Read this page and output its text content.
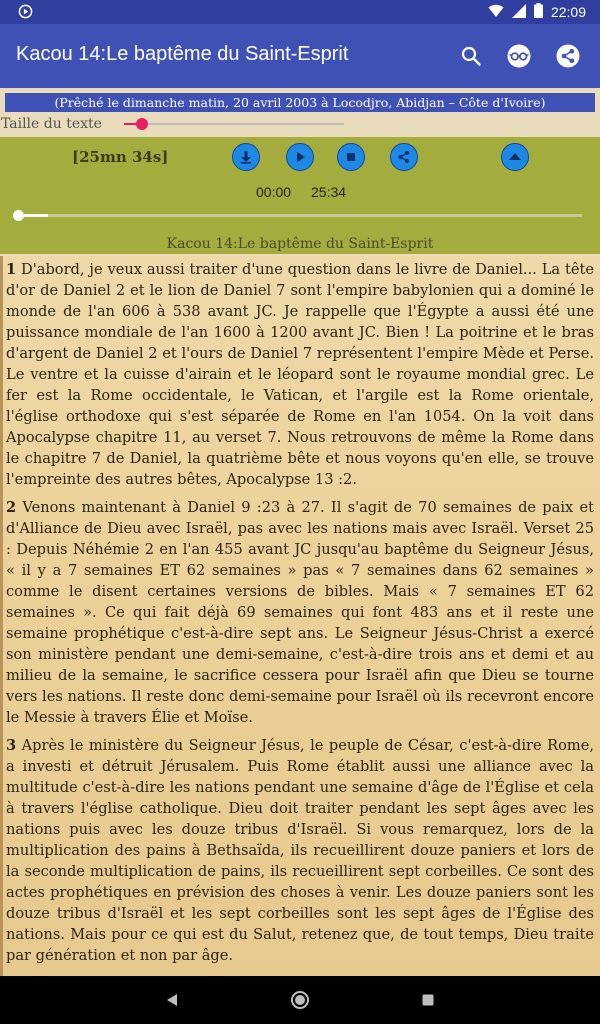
22:09
Kacou 14:Le baptême du Saint-Esprit
(Prêché le dimanche matin, 20 avril 2003 à Locodjro, Abidjan – Côte d'Ivoire)
Taille du texte
[25mn 34s]
00:00 25:34
Kacou 14:Le baptême du Saint-Esprit

1 D'abord, je veux aussi traiter d'une question dans le livre de Daniel... La tête d'or de Daniel 2 et le lion de Daniel 7 sont l'empire babylonien qui a dominé le monde de l'an 606 à 538 avant JC. Je rappelle que l'Égypte a aussi été une puissance mondiale de l'an 1600 à 1200 avant JC. Bien ! La poitrine et le bras d'argent de Daniel 2 et l'ours de Daniel 7 représentent l'empire Mède et Perse. Le ventre et la cuisse d'airain et le léopard sont le royaume mondial grec. Le fer est la Rome occidentale, le Vatican, et l'argile est la Rome orientale, l'église orthodoxe qui s'est séparée de Rome en l'an 1054. On la voit dans Apocalypse chapitre 11, au verset 7. Nous retrouvons de même la Rome dans le chapitre 7 de Daniel, la quatrième bête et nous voyons qu'en elle, se trouve l'empreinte des autres bêtes, Apocalypse 13 :2.

2 Venons maintenant à Daniel 9 :23 à 27. Il s'agit de 70 semaines de paix et d'Alliance de Dieu avec Israël, pas avec les nations mais avec Israël. Verset 25 : Depuis Néhémie 2 en l'an 455 avant JC jusqu'au baptême du Seigneur Jésus, « il y a 7 semaines ET 62 semaines » pas « 7 semaines dans 62 semaines » comme le disent certaines versions de bibles. Mais « 7 semaines ET 62 semaines ». Ce qui fait déjà 69 semaines qui font 483 ans et il reste une semaine prophétique c'est-à-dire sept ans. Le Seigneur Jésus-Christ a exercé son ministère pendant une demi-semaine, c'est-à-dire trois ans et demi et au milieu de la semaine, le sacrifice cessera pour Israël afin que Dieu se tourne vers les nations. Il reste donc demi-semaine pour Israël où ils recevront encore le Messie à travers Élie et Moïse.

3 Après le ministère du Seigneur Jésus, le peuple de César, c'est-à-dire Rome, a investi et détruit Jérusalem. Puis Rome établit aussi une alliance avec la multitude c'est-à-dire les nations pendant une semaine d'âge de l'Église et cela à travers l'église catholique. Dieu doit traiter pendant les sept âges avec les nations puis avec les douze tribus d'Israël. Si vous remarquez, lors de la multiplication des pains à Bethsaïda, ils recueillirent douze paniers et lors de la seconde multiplication de pains, ils recueillirent sept corbeilles. Ce sont des actes prophétiques en prévision des choses à venir. Les douze paniers sont les douze tribus d'Israël et les sept corbeilles sont les sept âges de l'Église des nations. Mais pour ce qui est du Salut, retenez que, de tout temps, Dieu traite par génération et non par âge.
